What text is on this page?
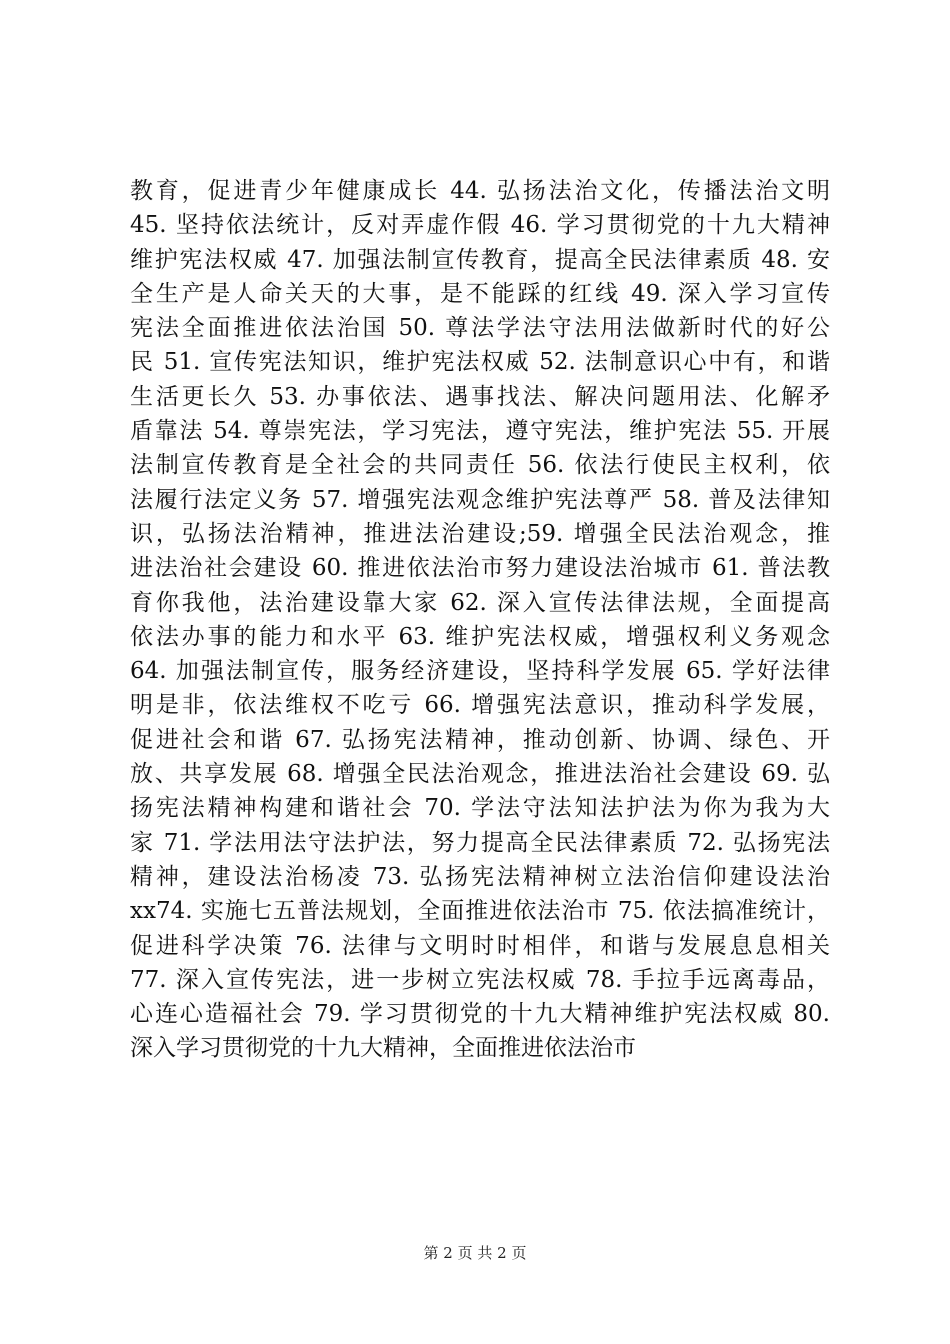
教育，促进青少年健康成长 44. 弘扬法治文化，传播法治文明
45. 坚持依法统计，反对弄虚作假 46. 学习贯彻党的十九大精神
维护宪法权威 47. 加强法制宣传教育，提高全民法律素质 48. 安
全生产是人命关天的大事，是不能踩的红线 49. 深入学习宣传
宪法全面推进依法治国 50. 尊法学法守法用法做新时代的好公
民 51. 宣传宪法知识，维护宪法权威 52. 法制意识心中有，和谐
生活更长久 53. 办事依法、遇事找法、解决问题用法、化解矛
盾靠法 54. 尊崇宪法，学习宪法，遵守宪法，维护宪法 55. 开展
法制宣传教育是全社会的共同责任 56. 依法行使民主权利，依
法履行法定义务 57. 增强宪法观念维护宪法尊严 58. 普及法律知
识，弘扬法治精神，推进法治建设;59. 增强全民法治观念，推
进法治社会建设 60. 推进依法治市努力建设法治城市 61. 普法教
育你我他，法治建设靠大家 62. 深入宣传法律法规，全面提高
依法办事的能力和水平 63. 维护宪法权威，增强权利义务观念
64. 加强法制宣传，服务经济建设，坚持科学发展 65. 学好法律
明是非，依法维权不吃亏 66. 增强宪法意识，推动科学发展，
促进社会和谐 67. 弘扬宪法精神，推动创新、协调、绿色、开
放、共享发展 68. 增强全民法治观念，推进法治社会建设 69. 弘
扬宪法精神构建和谐社会 70. 学法守法知法护法为你为我为大
家 71. 学法用法守法护法，努力提高全民法律素质 72. 弘扬宪法
精神，建设法治杨凌 73. 弘扬宪法精神树立法治信仰建设法治
xx74. 实施七五普法规划，全面推进依法治市 75. 依法搞准统计，
促进科学决策 76. 法律与文明时时相伴，和谐与发展息息相关
77. 深入宣传宪法，进一步树立宪法权威 78. 手拉手远离毒品，
心连心造福社会 79. 学习贯彻党的十九大精神维护宪法权威 80.
深入学习贯彻党的十九大精神，全面推进依法治市
第 2 页 共 2 页
